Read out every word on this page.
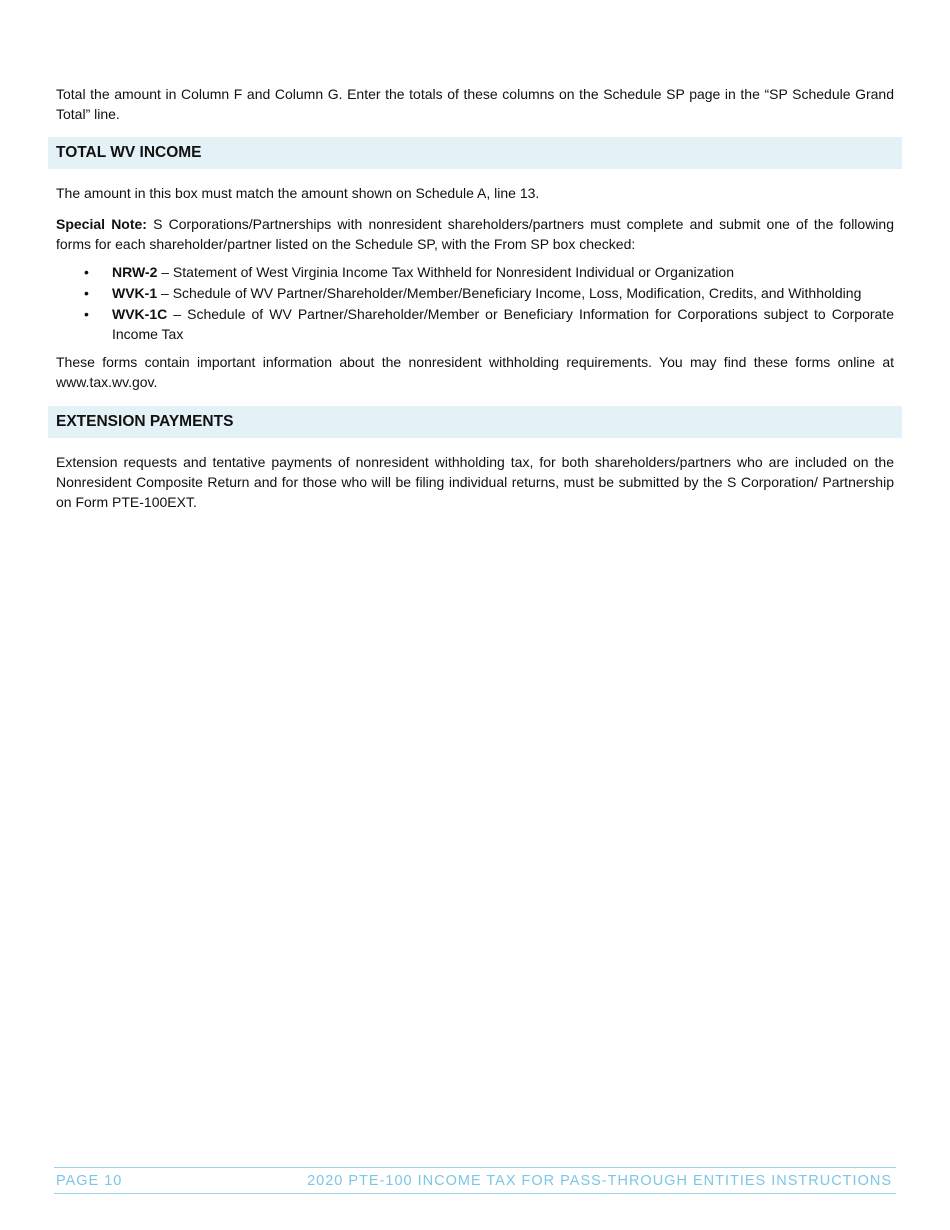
Total the amount in Column F and Column G. Enter the totals of these columns on the Schedule SP page in the “SP Schedule Grand Total” line.

TOTAL WV INCOME

The amount in this box must match the amount shown on Schedule A, line 13.

Special Note: S Corporations/Partnerships with nonresident shareholders/partners must complete and submit one of the following forms for each shareholder/partner listed on the Schedule SP, with the From SP box checked:

• NRW-2 – Statement of West Virginia Income Tax Withheld for Nonresident Individual or Organization
• WVK-1 – Schedule of WV Partner/Shareholder/Member/Beneficiary Income, Loss, Modification, Credits, and Withholding
• WVK-1C – Schedule of WV Partner/Shareholder/Member or Beneficiary Information for Corporations subject to Corporate Income Tax

These forms contain important information about the nonresident withholding requirements. You may find these forms online at www.tax.wv.gov.

EXTENSION PAYMENTS

Extension requests and tentative payments of nonresident withholding tax, for both shareholders/partners who are included on the Nonresident Composite Return and for those who will be filing individual returns, must be submitted by the S Corporation/ Partnership on Form PTE-100EXT.

PAGE 10	2020 PTE-100 INCOME TAX FOR PASS-THROUGH ENTITIES INSTRUCTIONS
